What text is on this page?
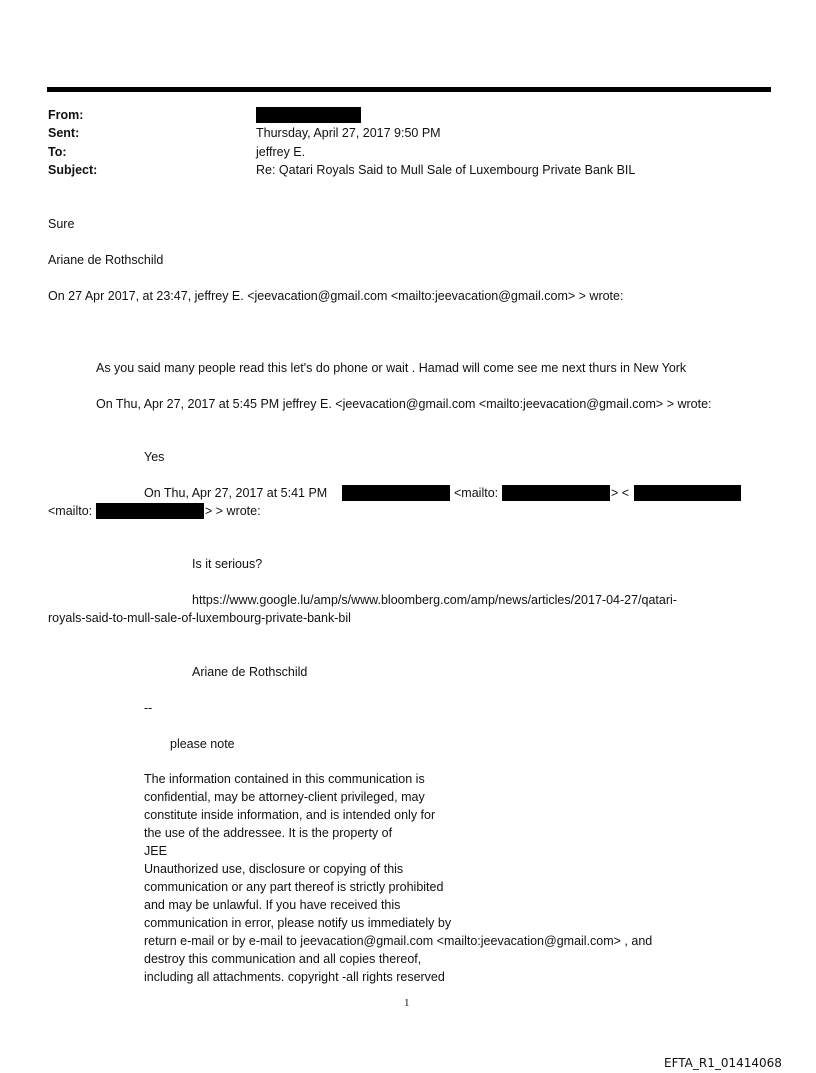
From:
Sent:	Thursday, April 27, 2017 9:50 PM
To:	jeffrey E.
Subject:	Re: Qatari Royals Said to Mull Sale of Luxembourg Private Bank BIL
Sure
Ariane de Rothschild
On 27 Apr 2017, at 23:47, jeffrey E. <jeevacation@gmail.com <mailto:jeevacation@gmail.com> > wrote:
As you said many people read this let's do phone or wait . Hamad will come see me next thurs in New York
On Thu, Apr 27, 2017 at 5:45 PM jeffrey E. <jeevacation@gmail.com <mailto:jeevacation@gmail.com> > wrote:
Yes
On Thu, Apr 27, 2017 at 5:41 PM	<mailto:	> <
<mailto:	> > wrote:
Is it serious?
https://www.google.lu/amp/s/www.bloomberg.com/amp/news/articles/2017-04-27/qatari-
royals-said-to-mull-sale-of-luxembourg-private-bank-bil
Ariane de Rothschild
--
please note
The information contained in this communication is
confidential, may be attorney-client privileged, may
constitute inside information, and is intended only for
the use of the addressee. It is the property of
JEE
Unauthorized use, disclosure or copying of this
communication or any part thereof is strictly prohibited
and may be unlawful. If you have received this
communication in error, please notify us immediately by
return e-mail or by e-mail to jeevacation@gmail.com <mailto:jeevacation@gmail.com> , and
destroy this communication and all copies thereof,
including all attachments. copyright -all rights reserved
1
EFTA_R1_01414068
